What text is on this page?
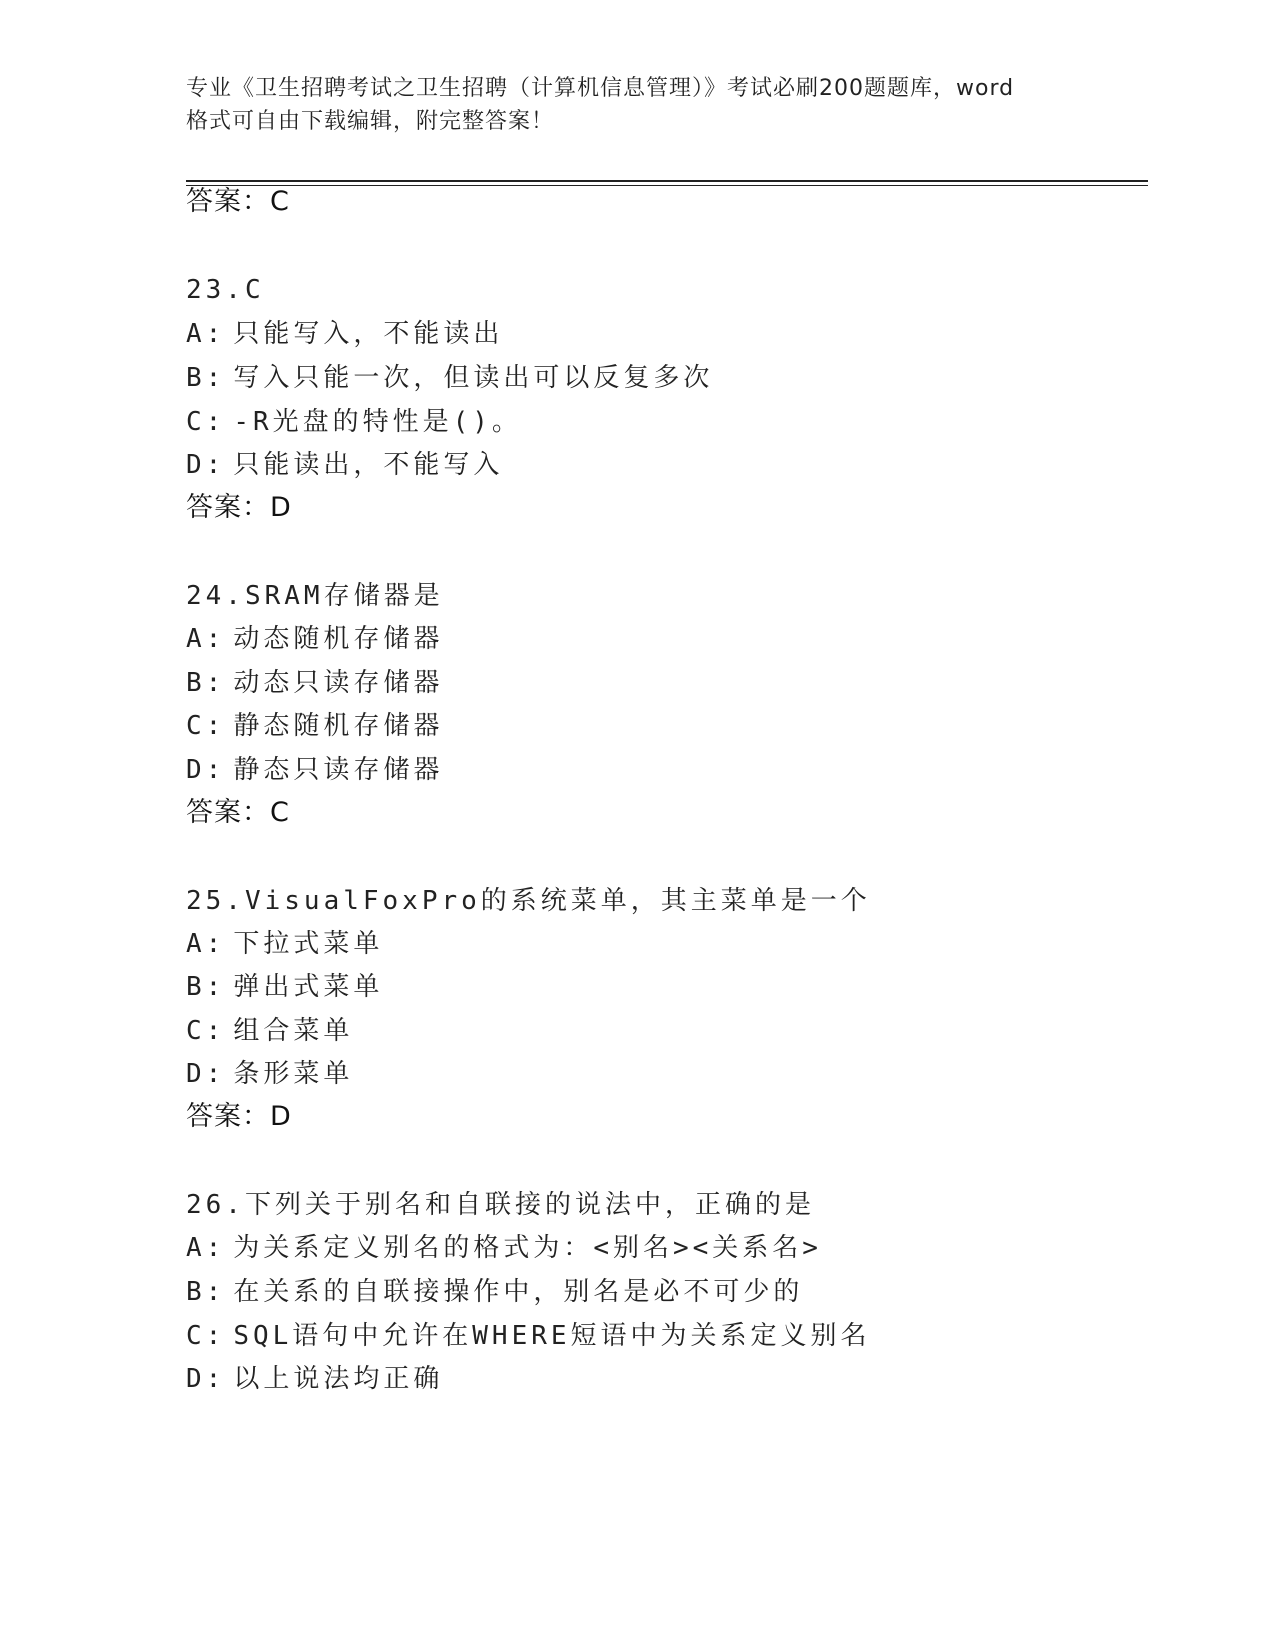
专业《卫生招聘考试之卫生招聘（计算机信息管理）》考试必刷200题题库，word
格式可自由下载编辑，附完整答案！
答案：C
23.C
A: 只能写入，不能读出
B: 写入只能一次，但读出可以反复多次
C: -R光盘的特性是()。
D: 只能读出，不能写入
答案：D
24.SRAM存储器是
A: 动态随机存储器
B: 动态只读存储器
C: 静态随机存储器
D: 静态只读存储器
答案：C
25.VisualFoxPro的系统菜单，其主菜单是一个
A: 下拉式菜单
B: 弹出式菜单
C: 组合菜单
D: 条形菜单
答案：D
26.下列关于别名和自联接的说法中，正确的是
A: 为关系定义别名的格式为：<别名><关系名>
B: 在关系的自联接操作中，别名是必不可少的
C: SQL语句中允许在WHERE短语中为关系定义别名
D: 以上说法均正确
